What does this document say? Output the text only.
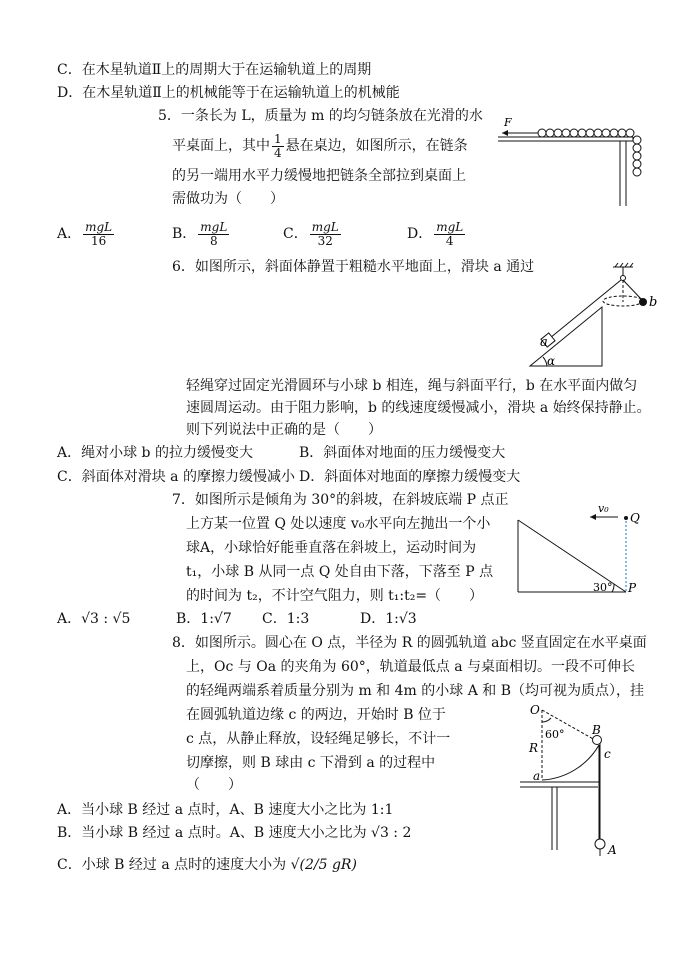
C．在木星轨道Ⅱ上的周期大于在运输轨道上的周期
D．在木星轨道Ⅱ上的机械能等于在运输轨道上的机械能
5．一条长为 L，质量为 m 的均匀链条放在光滑的水
平桌面上，其中 $\frac{1}{4}$ 悬在桌边，如图所示，在链条
的另一端用水平力缓慢地把链条全部拉到桌面上
需做功为（　　）
A． $\frac{\text{mgL}}{16}$	B． $\frac{\text{mgL}}{8}$	C． $\frac{\text{mgL}}{32}$	D． $\frac{\text{mgL}}{4}$
F
6．如图所示，斜面体静置于粗糙水平地面上，滑块 a 通过
a
α
b
轻绳穿过固定光滑圆环与小球 b 相连，绳与斜面平行，b 在水平面内做匀
速圆周运动。由于阻力影响，b 的线速度缓慢减小，滑块 a 始终保持静止。
则下列说法中正确的是（　　）
A．绳对小球 b 的拉力缓慢变大	B．斜面体对地面的压力缓慢变大
C．斜面体对滑块 a 的摩擦力缓慢减小 D．斜面体对地面的摩擦力缓慢变大
7．如图所示是倾角为 30°的斜坡，在斜坡底端 P 点正
上方某一位置 Q 处以速度 v₀水平向左抛出一个小
球A，小球恰好能垂直落在斜坡上，运动时间为
t₁，小球 B 从同一点 Q 处自由下落，下落至 P 点
的时间为 t₂，不计空气阻力，则 t₁:t₂=（　　）
v₀
Q
P
30°
A．√3 : √5	B．1:√7 C．1:3	D．1:√3
8．如图所示。圆心在 O 点，半径为 R 的圆弧轨道 abc 竖直固定在水平桌面
上，Oc 与 Oa 的夹角为 60°，轨道最低点 a 与桌面相切。一段不可伸长
的轻绳两端系着质量分别为 m 和 4m 的小球 A 和 B（均可视为质点），挂
在圆弧轨道边缘 c 的两边，开始时 B 位于
c 点，从静止释放，设轻绳足够长，不计一
切摩擦，则 B 球由 c 下滑到 a 的过程中
（　　）
O
60°
R
a
B
c
A
A．当小球 B 经过 a 点时，A、B 速度大小之比为 1:1
B．当小球 B 经过 a 点时。A、B 速度大小之比为 √3 : 2
C．小球 B 经过 a 点时的速度大小为 √(2/5 gR)
